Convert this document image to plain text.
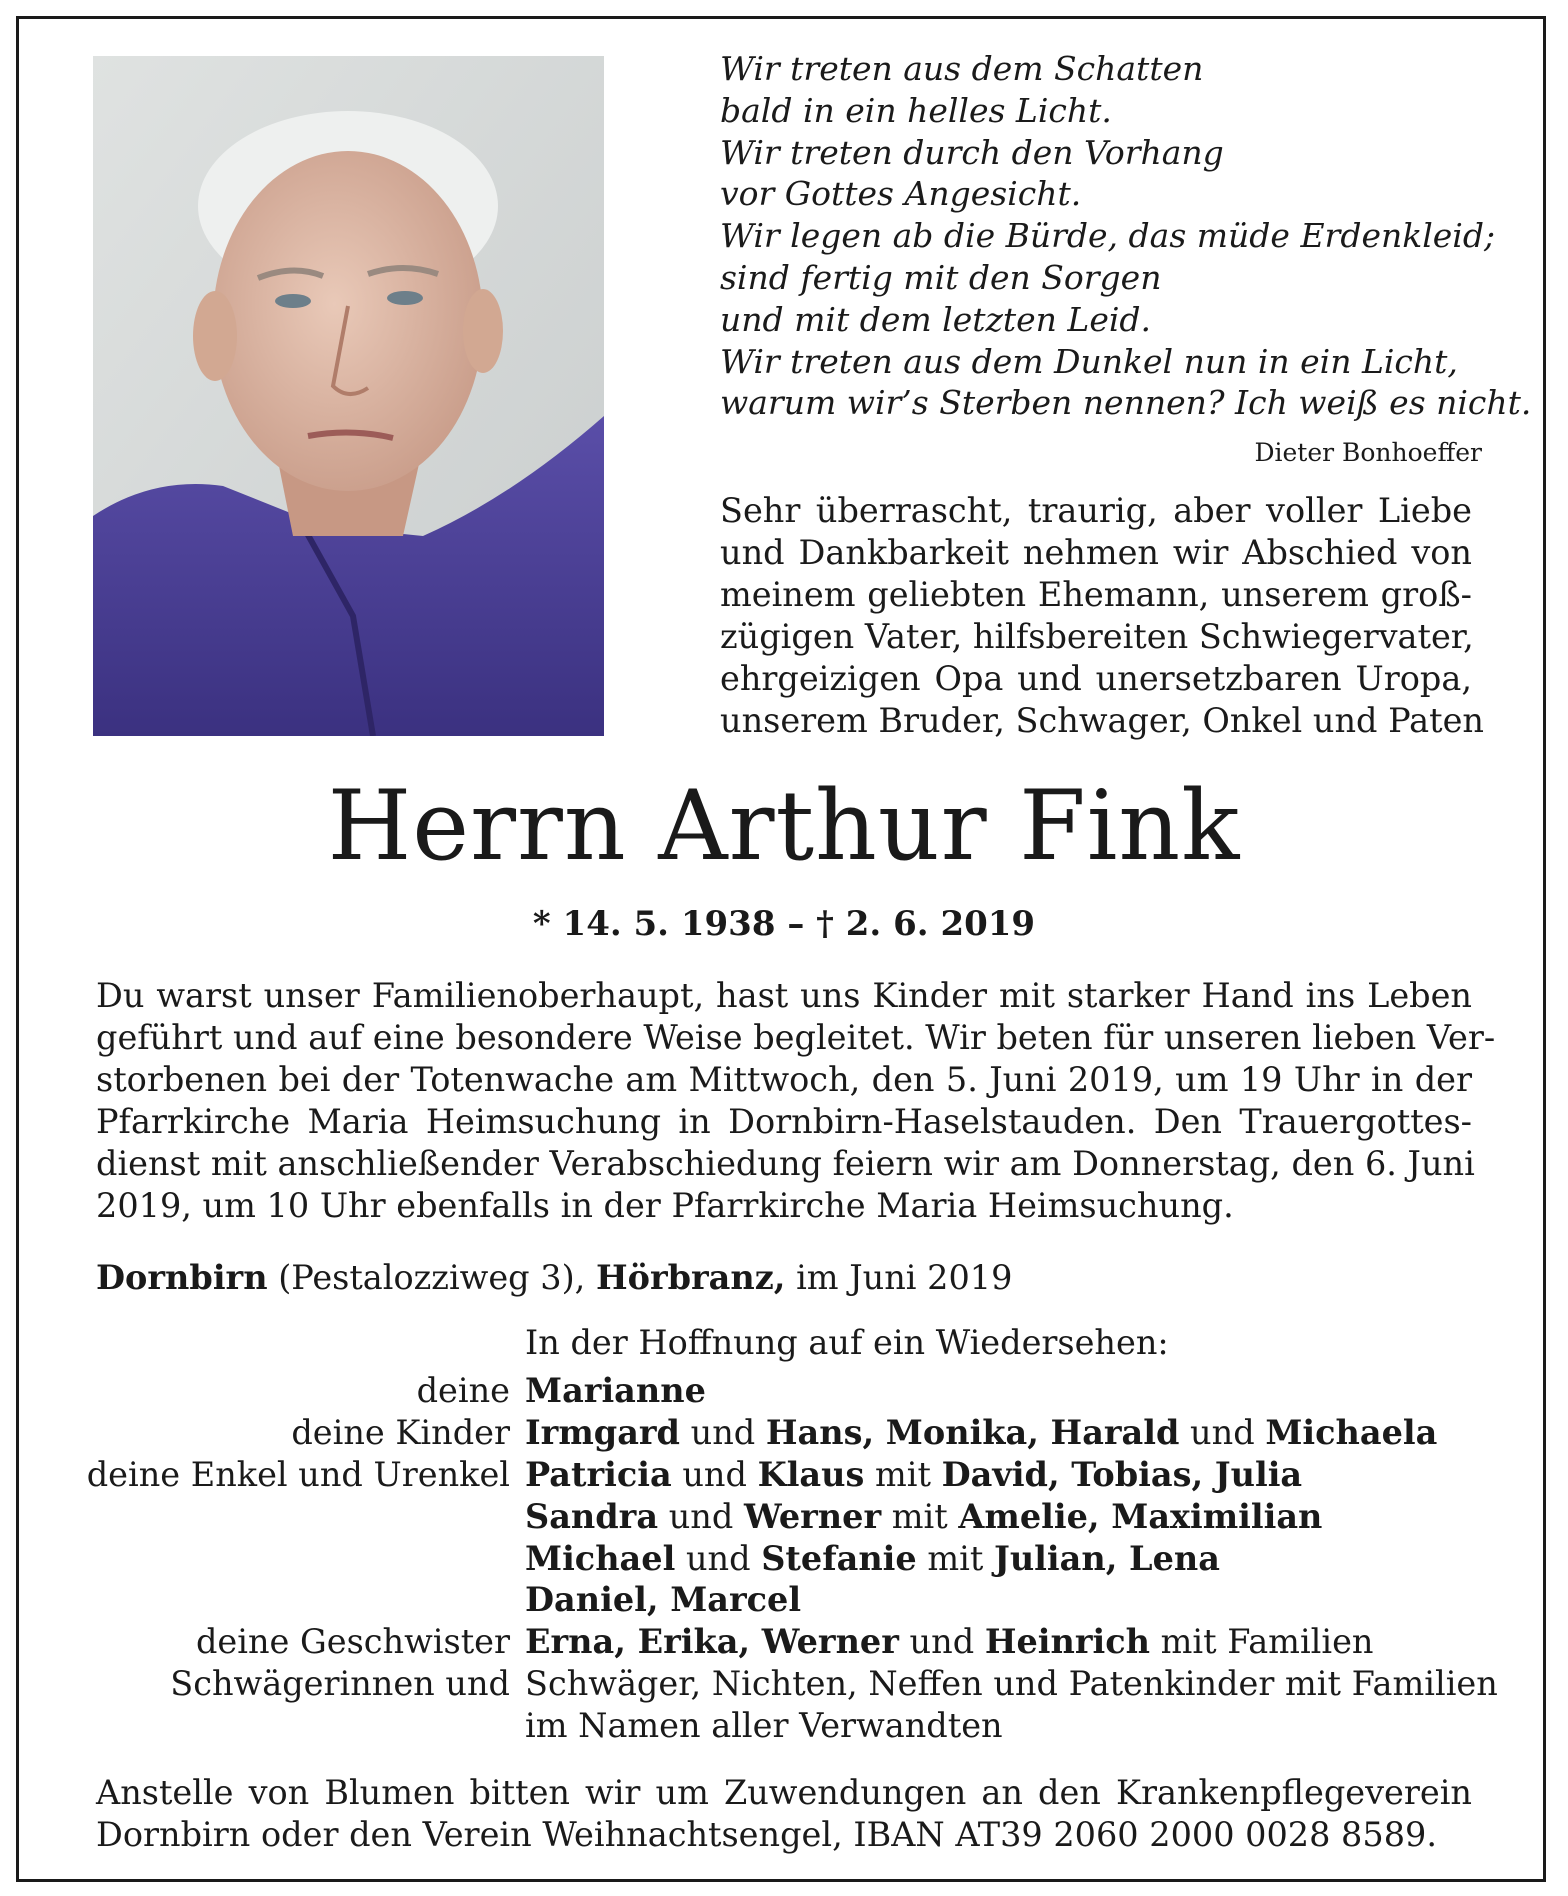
Wir treten aus dem Schatten
bald in ein helles Licht.
Wir treten durch den Vorhang
vor Gottes Angesicht.
Wir legen ab die Bürde, das müde Erdenkleid;
sind fertig mit den Sorgen
und mit dem letzten Leid.
Wir treten aus dem Dunkel nun in ein Licht,
warum wir’s Sterben nennen? Ich weiß es nicht.
Dieter Bonhoeffer
Sehr überrascht, traurig, aber voller Liebe
und Dankbarkeit nehmen wir Abschied von
meinem geliebten Ehemann, unserem groß-
zügigen Vater, hilfsbereiten Schwiegervater,
ehrgeizigen Opa und unersetzbaren Uropa,
unserem Bruder, Schwager, Onkel und Paten
Herrn Arthur Fink
* 14. 5. 1938 – † 2. 6. 2019
Du warst unser Familienoberhaupt, hast uns Kinder mit starker Hand ins Leben
geführt und auf eine besondere Weise begleitet. Wir beten für unseren lieben Ver-
storbenen bei der Totenwache am Mittwoch, den 5. Juni 2019, um 19 Uhr in der
Pfarrkirche Maria Heimsuchung in Dornbirn-Haselstauden. Den Trauergottes-
dienst mit anschließender Verabschiedung feiern wir am Donnerstag, den 6. Juni
2019, um 10 Uhr ebenfalls in der Pfarrkirche Maria Heimsuchung.
Dornbirn (Pestalozziweg 3), Hörbranz, im Juni 2019
In der Hoffnung auf ein Wiedersehen:
deine Marianne
deine Kinder Irmgard und Hans, Monika, Harald und Michaela
deine Enkel und Urenkel Patricia und Klaus mit David, Tobias, Julia
Sandra und Werner mit Amelie, Maximilian
Michael und Stefanie mit Julian, Lena
Daniel, Marcel
deine Geschwister Erna, Erika, Werner und Heinrich mit Familien
Schwägerinnen und Schwäger, Nichten, Neffen und Patenkinder mit Familien
im Namen aller Verwandten
Anstelle von Blumen bitten wir um Zuwendungen an den Krankenpflegeverein
Dornbirn oder den Verein Weihnachtsengel, IBAN AT39 2060 2000 0028 8589.
